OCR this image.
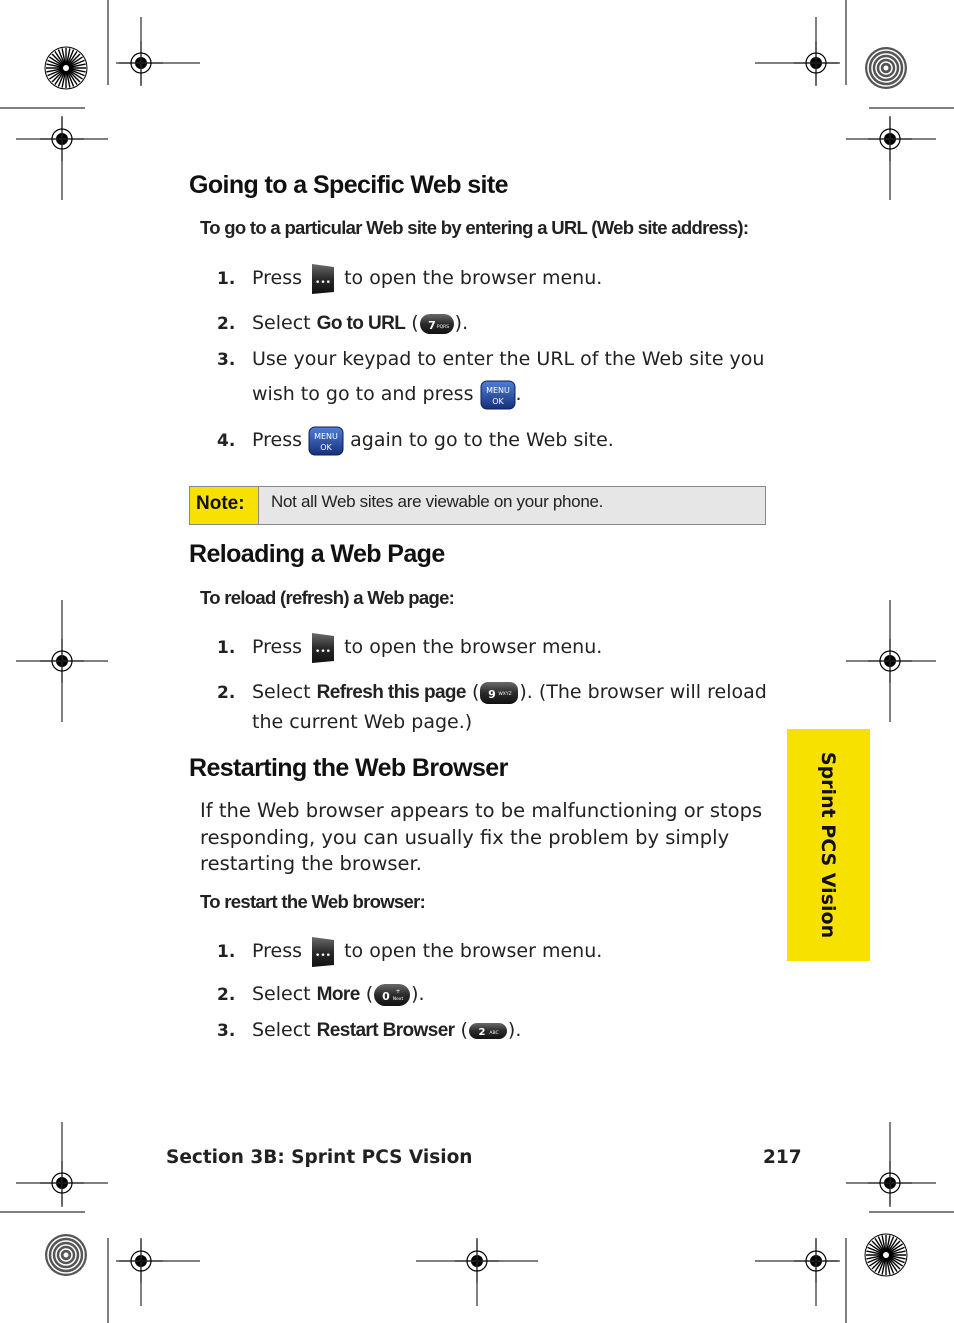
Going to a Specific Web site
To go to a particular Web site by entering a URL (Web site address):
1. Press ••• to open the browser menu.
2. Select Go to URL ( 7 PQRS ).
3. Use your keypad to enter the URL of the Web site you
wish to go to and press MENU
OK .
4. Press MENU
OK again to go to the Web site.
Note: Not all Web sites are viewable on your phone.
Reloading a Web Page
To reload (refresh) a Web page:
1. Press ••• to open the browser menu.
2. Select Refresh this page ( 9 WXYZ ). (The browser will reload
the current Web page.)
Restarting the Web Browser
If the Web browser appears to be malfunctioning or stops responding, you can usually fix the problem by simply restarting the browser.
To restart the Web browser:
1. Press ••• to open the browser menu.
2. Select More ( 0 +
Next ).
3. Select Restart Browser ( 2 ABC ).
Sprint PCS Vision
Section 3B: Sprint PCS Vision	217
